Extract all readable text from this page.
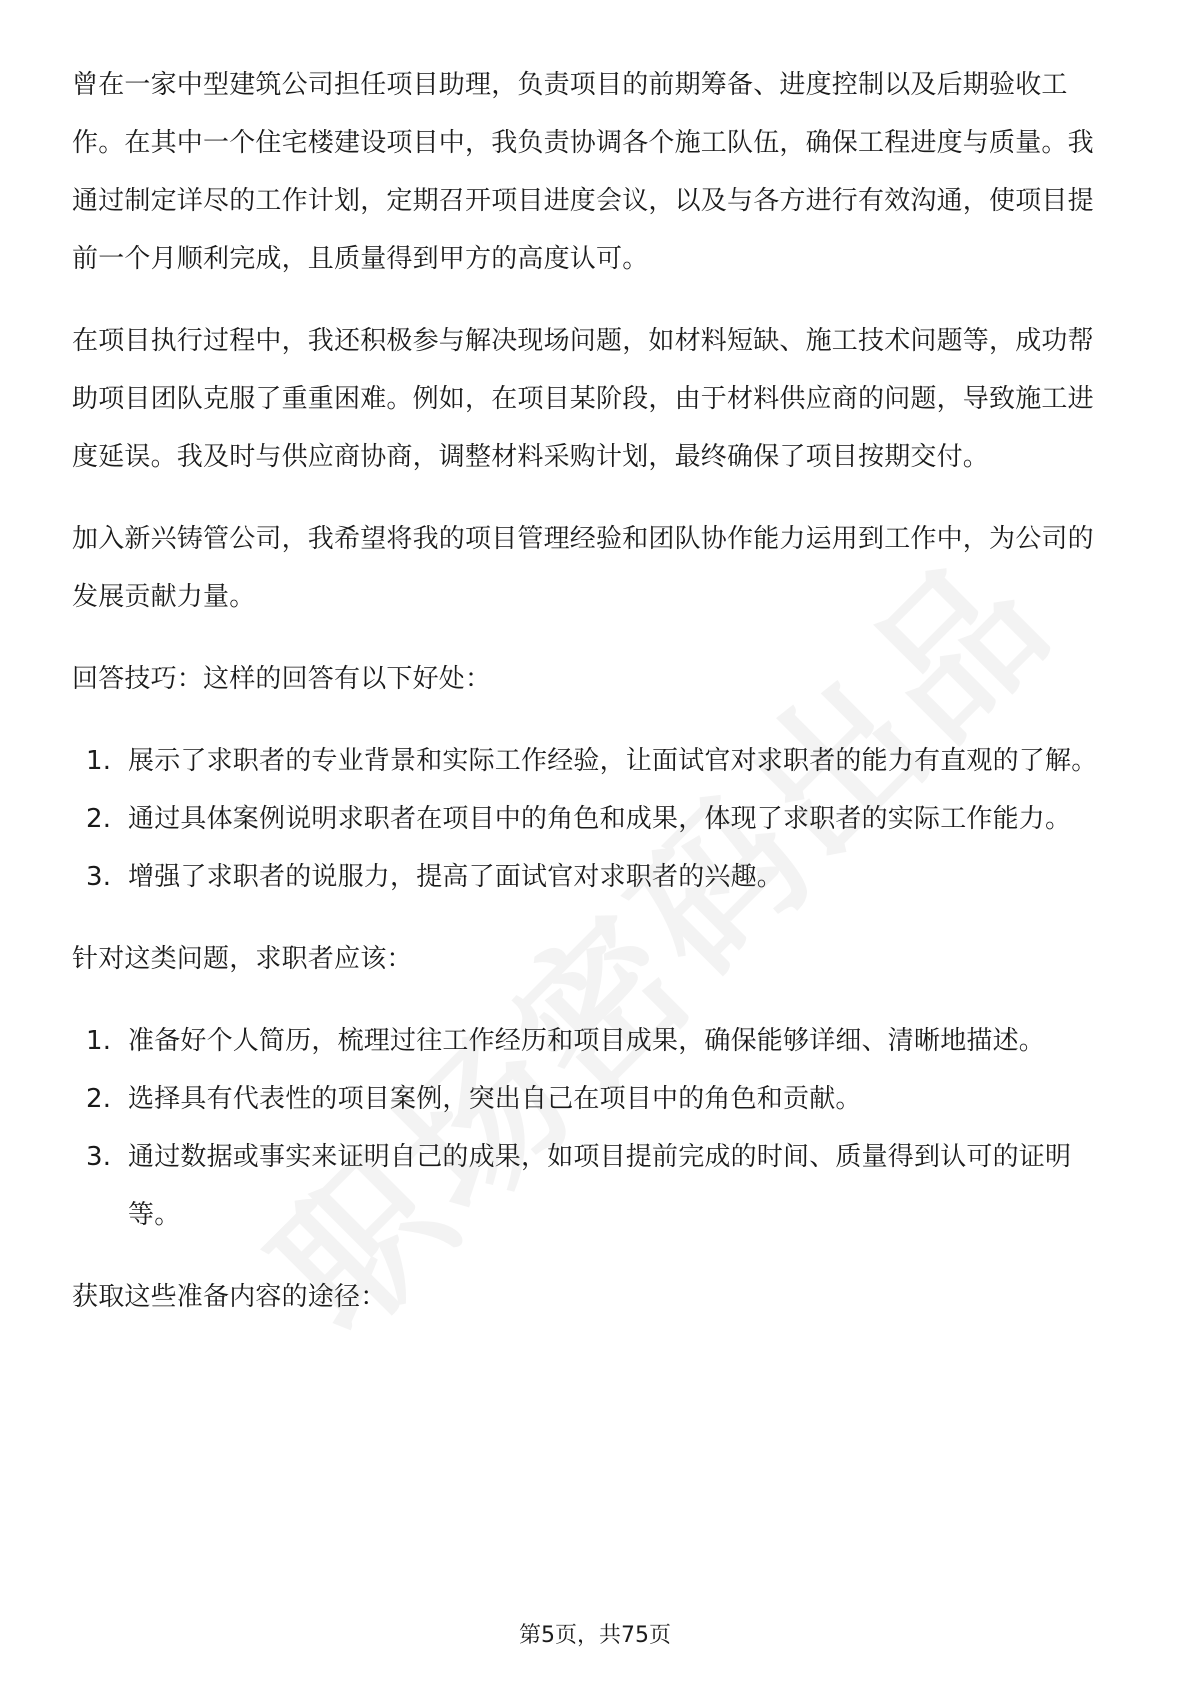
曾在一家中型建筑公司担任项目助理，负责项目的前期筹备、进度控制以及后期验收工作。在其中一个住宅楼建设项目中，我负责协调各个施工队伍，确保工程进度与质量。我通过制定详尽的工作计划，定期召开项目进度会议，以及与各方进行有效沟通，使项目提前一个月顺利完成，且质量得到甲方的高度认可。

在项目执行过程中，我还积极参与解决现场问题，如材料短缺、施工技术问题等，成功帮助项目团队克服了重重困难。例如，在项目某阶段，由于材料供应商的问题，导致施工进度延误。我及时与供应商协商，调整材料采购计划，最终确保了项目按期交付。

加入新兴铸管公司，我希望将我的项目管理经验和团队协作能力运用到工作中，为公司的发展贡献力量。

回答技巧：这样的回答有以下好处：

1. 展示了求职者的专业背景和实际工作经验，让面试官对求职者的能力有直观的了解。
2. 通过具体案例说明求职者在项目中的角色和成果，体现了求职者的实际工作能力。
3. 增强了求职者的说服力，提高了面试官对求职者的兴趣。

针对这类问题，求职者应该：

1. 准备好个人简历，梳理过往工作经历和项目成果，确保能够详细、清晰地描述。
2. 选择具有代表性的项目案例，突出自己在项目中的角色和贡献。
3. 通过数据或事实来证明自己的成果，如项目提前完成的时间、质量得到认可的证明等。

获取这些准备内容的途径：

第5页，共75页
